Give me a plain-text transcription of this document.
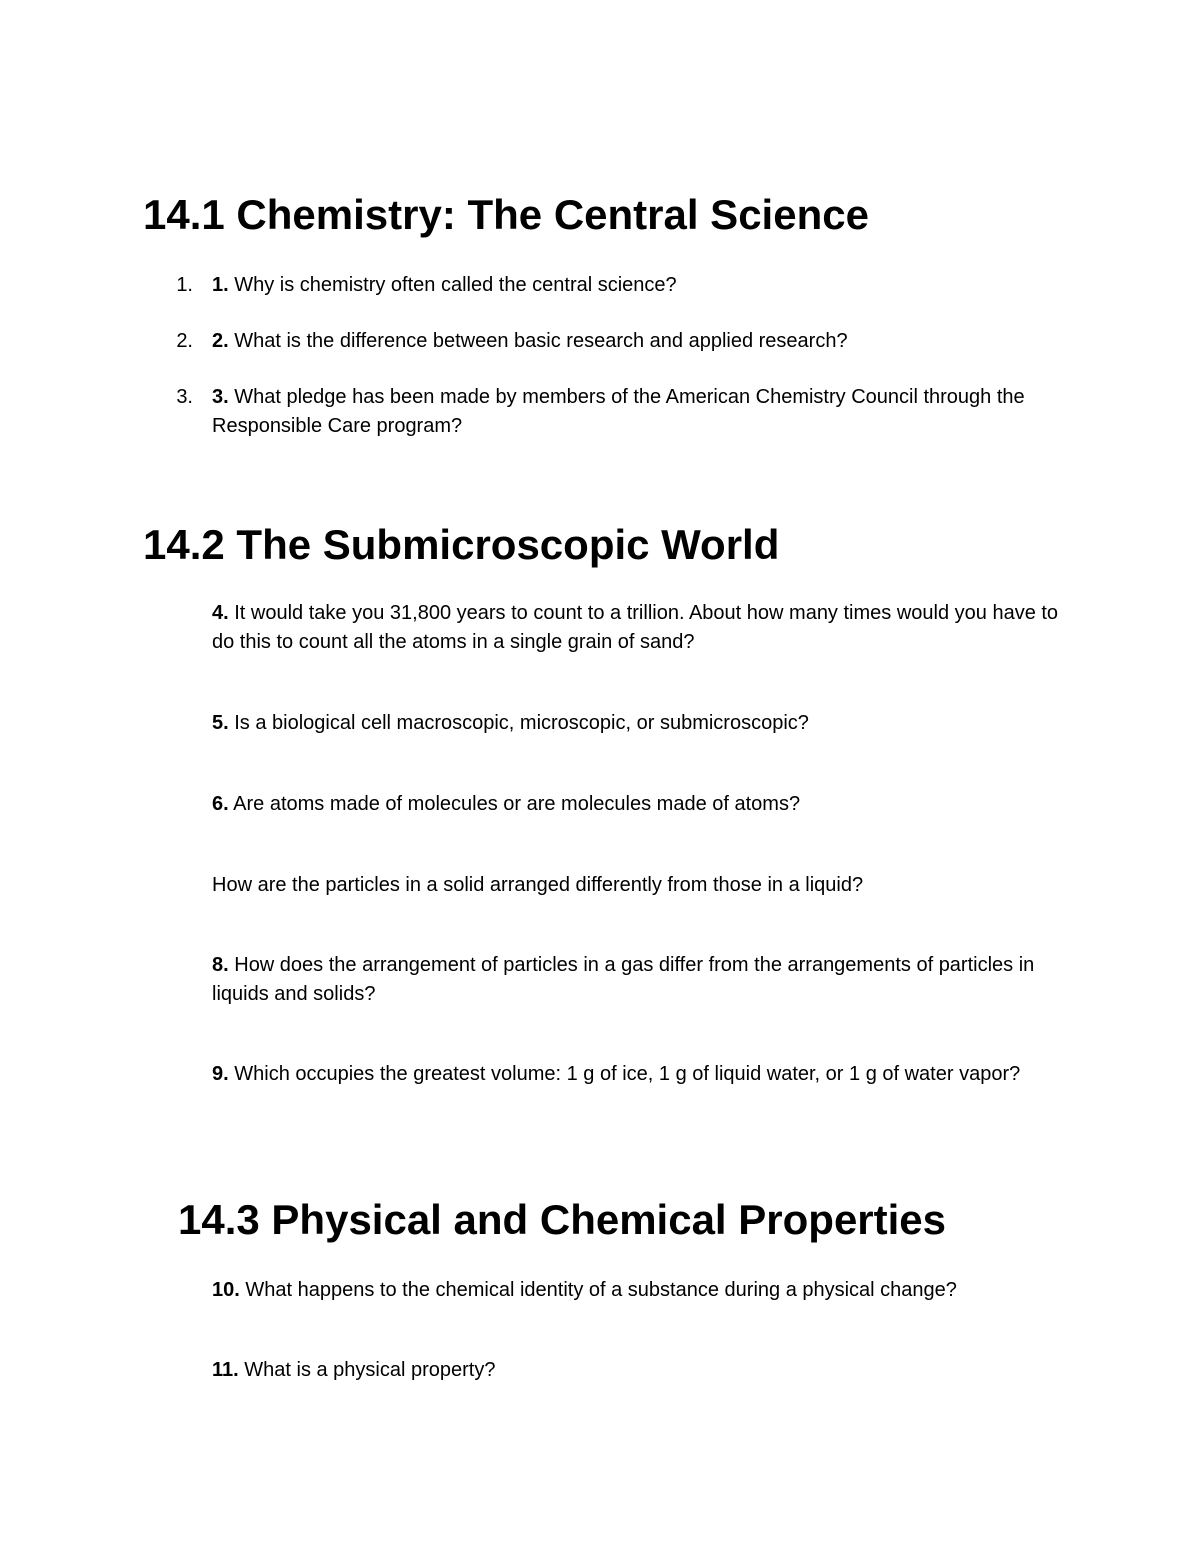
14.1 Chemistry: The Central Science
1. 1. Why is chemistry often called the central science?
2. 2. What is the difference between basic research and applied research?
3. 3. What pledge has been made by members of the American Chemistry Council through the Responsible Care program?
14.2 The Submicroscopic World
4. It would take you 31,800 years to count to a trillion. About how many times would you have to do this to count all the atoms in a single grain of sand?
5. Is a biological cell macroscopic, microscopic, or submicroscopic?
6. Are atoms made of molecules or are molecules made of atoms?
How are the particles in a solid arranged differently from those in a liquid?
8. How does the arrangement of particles in a gas differ from the arrangements of particles in liquids and solids?
9. Which occupies the greatest volume: 1 g of ice, 1 g of liquid water, or 1 g of water vapor?
14.3 Physical and Chemical Properties
10. What happens to the chemical identity of a substance during a physical change?
11. What is a physical property?
